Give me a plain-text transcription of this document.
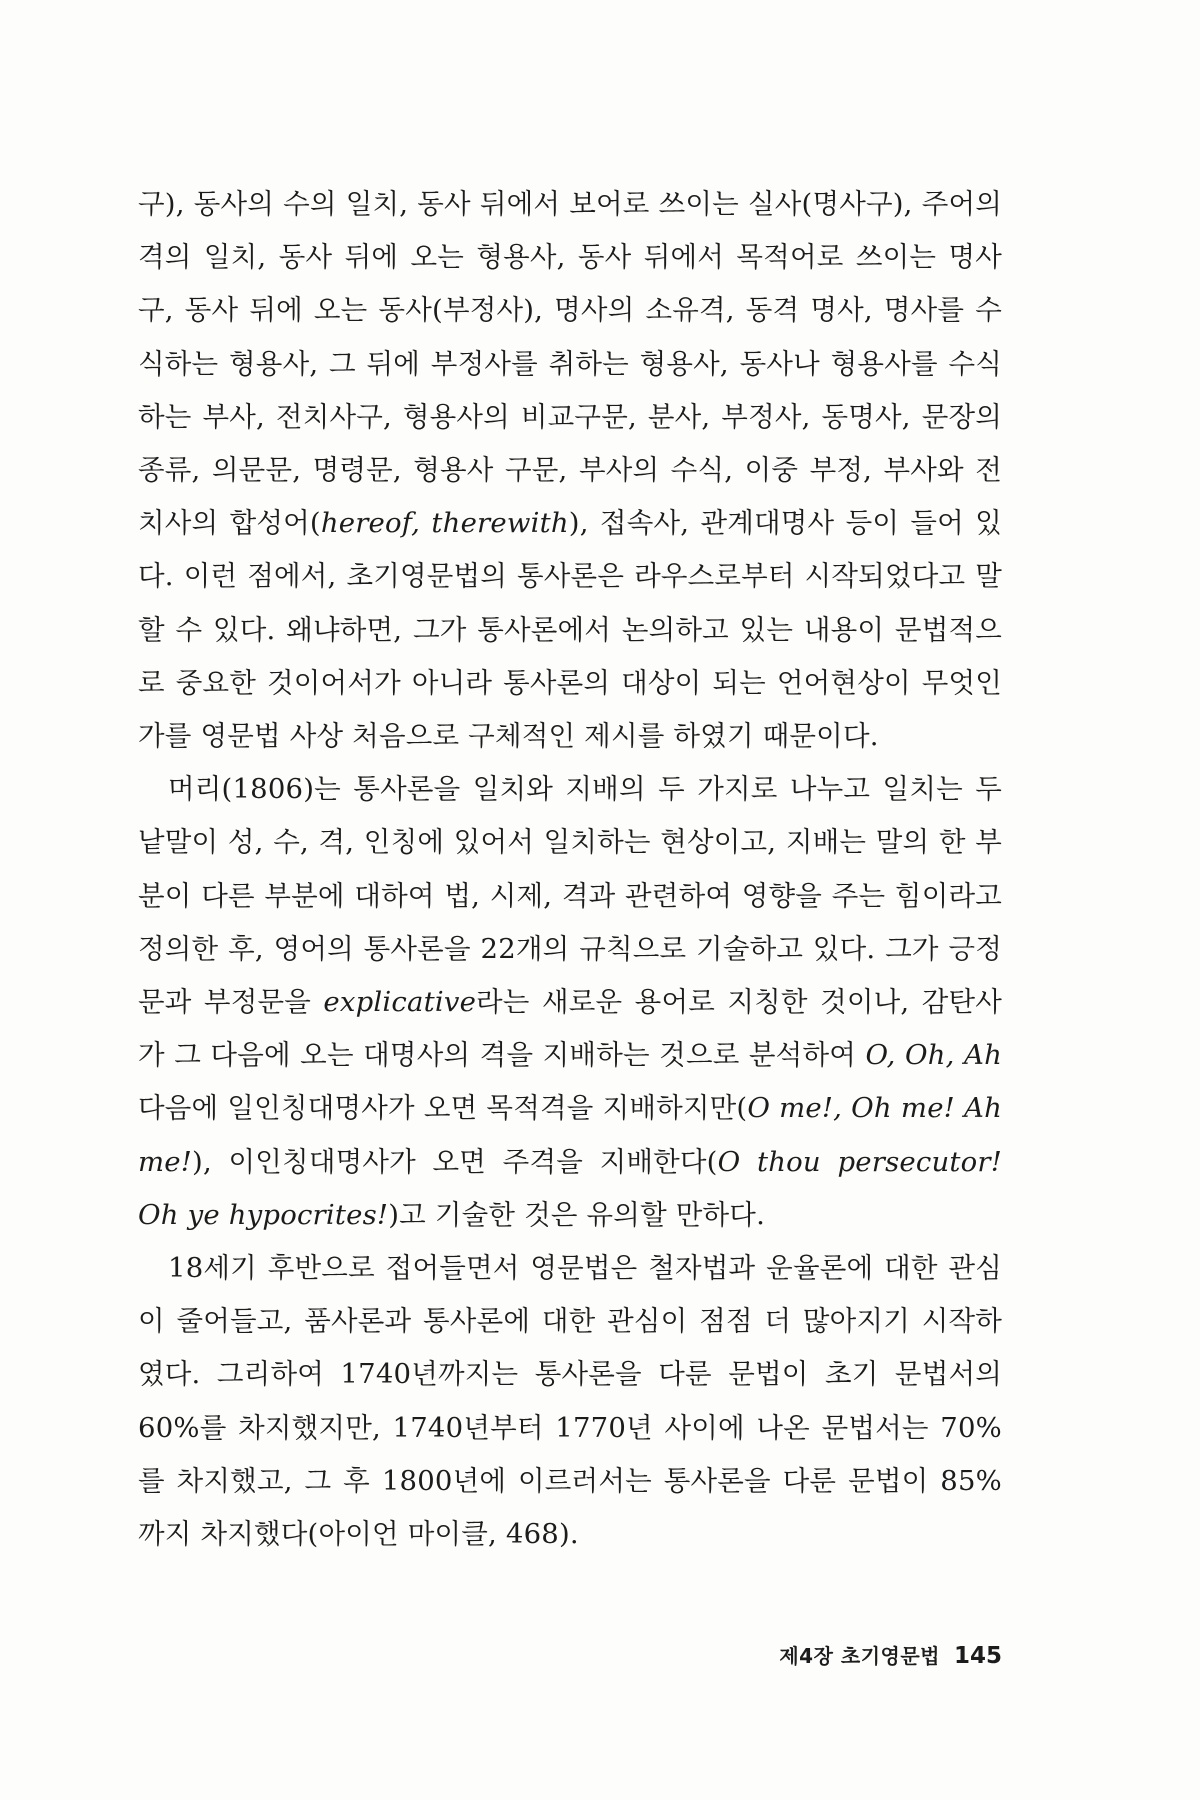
구), 동사의 수의 일치, 동사 뒤에서 보어로 쓰이는 실사(명사구), 주어의 격의 일치, 동사 뒤에 오는 형용사, 동사 뒤에서 목적어로 쓰이는 명사구, 동사 뒤에 오는 동사(부정사), 명사의 소유격, 동격 명사, 명사를 수식하는 형용사, 그 뒤에 부정사를 취하는 형용사, 동사나 형용사를 수식하는 부사, 전치사구, 형용사의 비교구문, 분사, 부정사, 동명사, 문장의 종류, 의문문, 명령문, 형용사 구문, 부사의 수식, 이중 부정, 부사와 전치사의 합성어(hereof, therewith), 접속사, 관계대명사 등이 들어 있다. 이런 점에서, 초기영문법의 통사론은 라우스로부터 시작되었다고 말할 수 있다. 왜냐하면, 그가 통사론에서 논의하고 있는 내용이 문법적으로 중요한 것이어서가 아니라 통사론의 대상이 되는 언어현상이 무엇인가를 영문법 사상 처음으로 구체적인 제시를 하였기 때문이다.

머리(1806)는 통사론을 일치와 지배의 두 가지로 나누고 일치는 두 낱말이 성, 수, 격, 인칭에 있어서 일치하는 현상이고, 지배는 말의 한 부분이 다른 부분에 대하여 법, 시제, 격과 관련하여 영향을 주는 힘이라고 정의한 후, 영어의 통사론을 22개의 규칙으로 기술하고 있다. 그가 긍정문과 부정문을 explicative라는 새로운 용어로 지칭한 것이나, 감탄사가 그 다음에 오는 대명사의 격을 지배하는 것으로 분석하여 O, Oh, Ah 다음에 일인칭대명사가 오면 목적격을 지배하지만(O me!, Oh me! Ah me!), 이인칭대명사가 오면 주격을 지배한다(O thou persecutor! Oh ye hypocrites!)고 기술한 것은 유의할 만하다.

18세기 후반으로 접어들면서 영문법은 철자법과 운율론에 대한 관심이 줄어들고, 품사론과 통사론에 대한 관심이 점점 더 많아지기 시작하였다. 그리하여 1740년까지는 통사론을 다룬 문법이 초기 문법서의 60%를 차지했지만, 1740년부터 1770년 사이에 나온 문법서는 70%를 차지했고, 그 후 1800년에 이르러서는 통사론을 다룬 문법이 85%까지 차지했다(아이언 마이클, 468).

제4장 초기영문법 145
